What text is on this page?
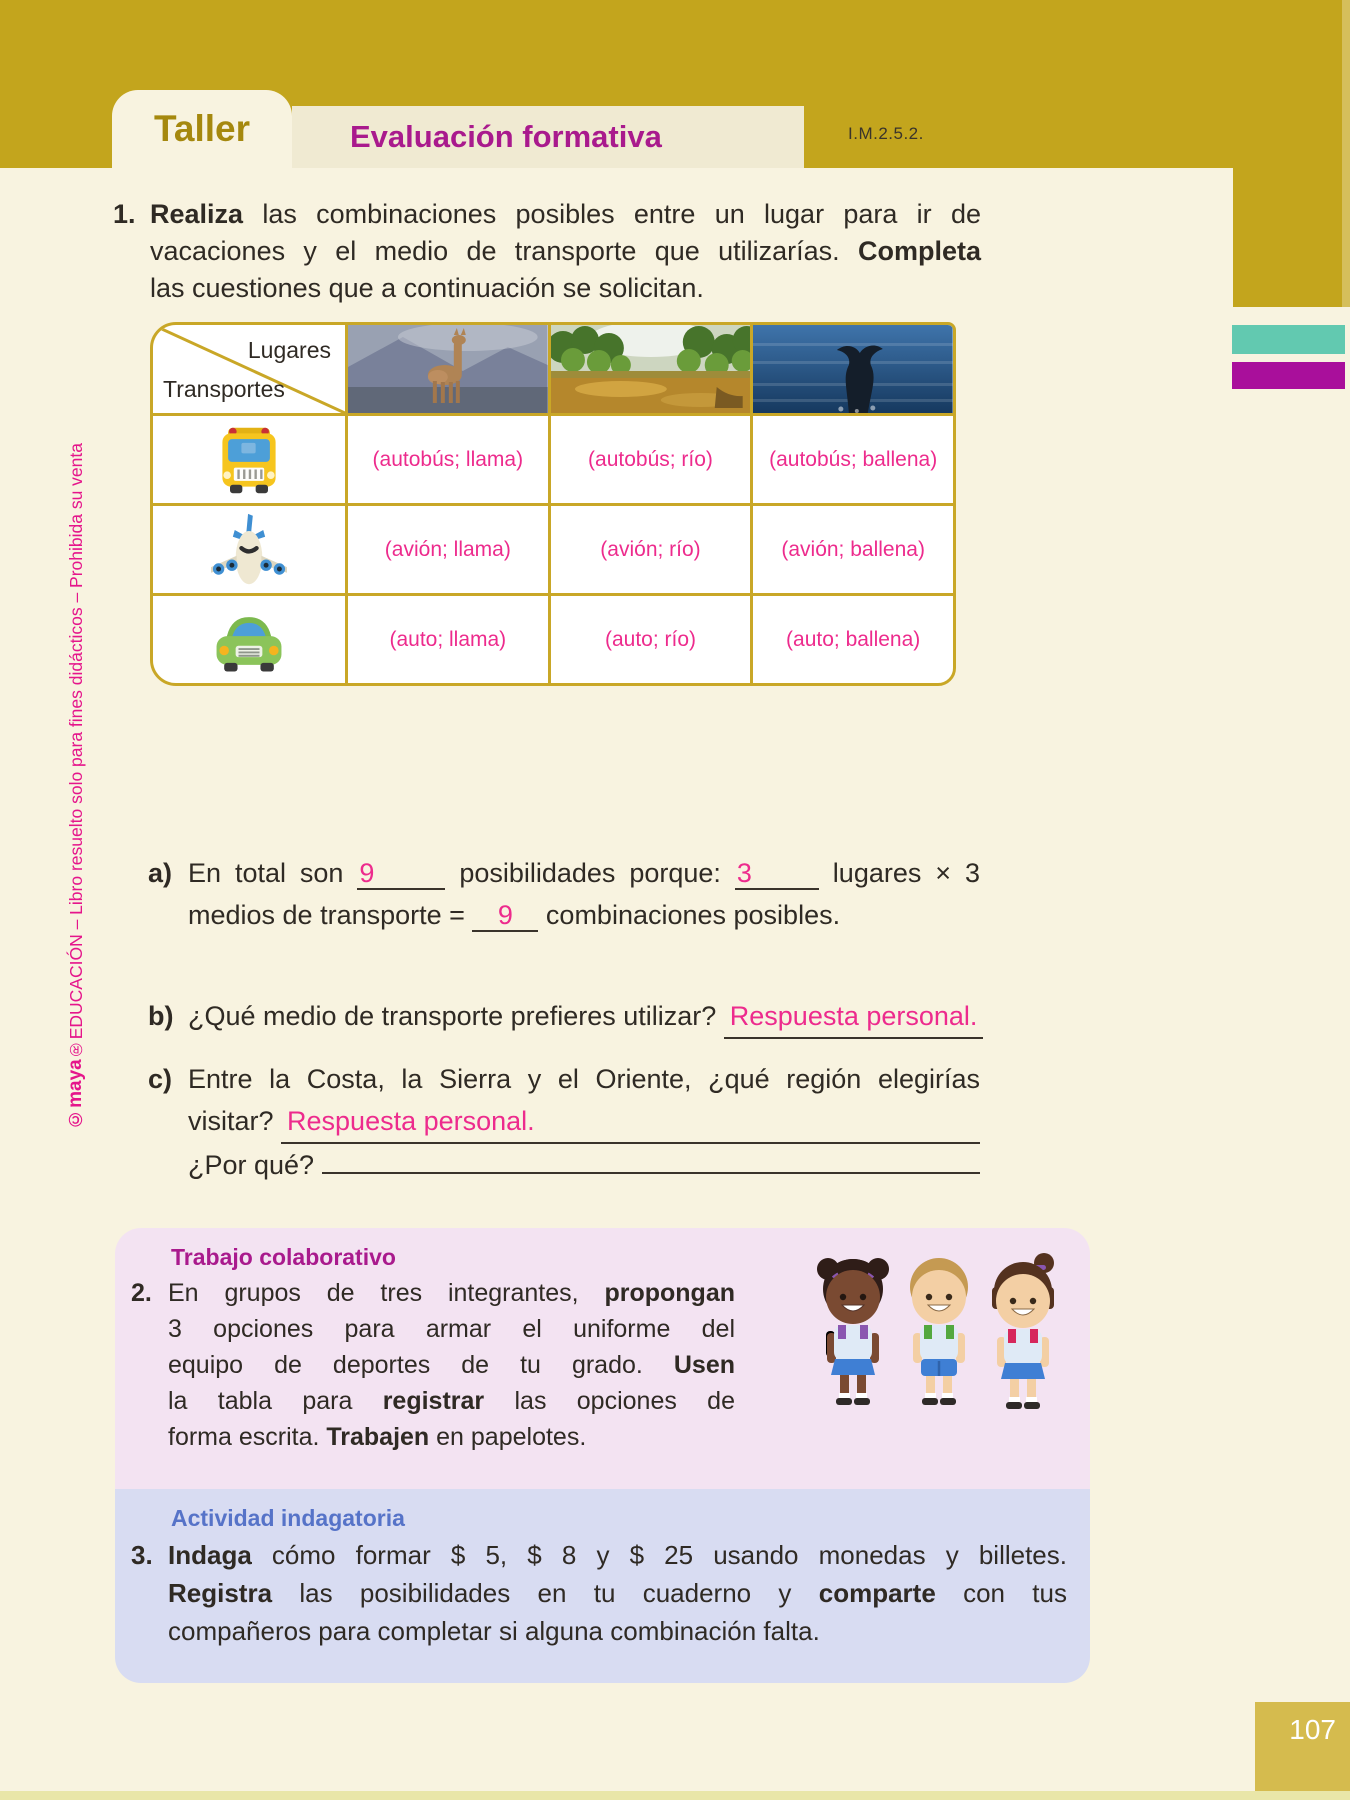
Taller	Evaluación formativa	I.M.2.5.2.
©maya®EDUCACIÓN – Libro resuelto solo para fines didácticos – Prohibida su venta
1. Realiza las combinaciones posibles entre un lugar para ir de
vacaciones y el medio de transporte que utilizarías. Completa
las cuestiones que a continuación se solicitan.
Lugares
Transportes
(autobús; llama)	(autobús; río)	(autobús; ballena)
(avión; llama)	(avión; río)	(avión; ballena)
(auto; llama)	(auto; río)	(auto; ballena)
a) En total son 9	posibilidades porque: 3 lugares × 3
medios de transporte = 9 combinaciones posibles.
b) ¿Qué medio de transporte prefieres utilizar? Respuesta personal.
c) Entre la Costa, la Sierra y el Oriente, ¿qué región elegirías
visitar? Respuesta personal.
¿Por qué?
Trabajo colaborativo
2. En grupos de tres integrantes, propongan
3 opciones para armar el uniforme del
equipo de deportes de tu grado. Usen
la tabla para registrar las opciones de
forma escrita. Trabajen en papelotes.
Actividad indagatoria
3. Indaga cómo formar $ 5, $ 8 y $ 25 usando monedas y billetes.
Registra las posibilidades en tu cuaderno y comparte con tus
compañeros para completar si alguna combinación falta.
107
